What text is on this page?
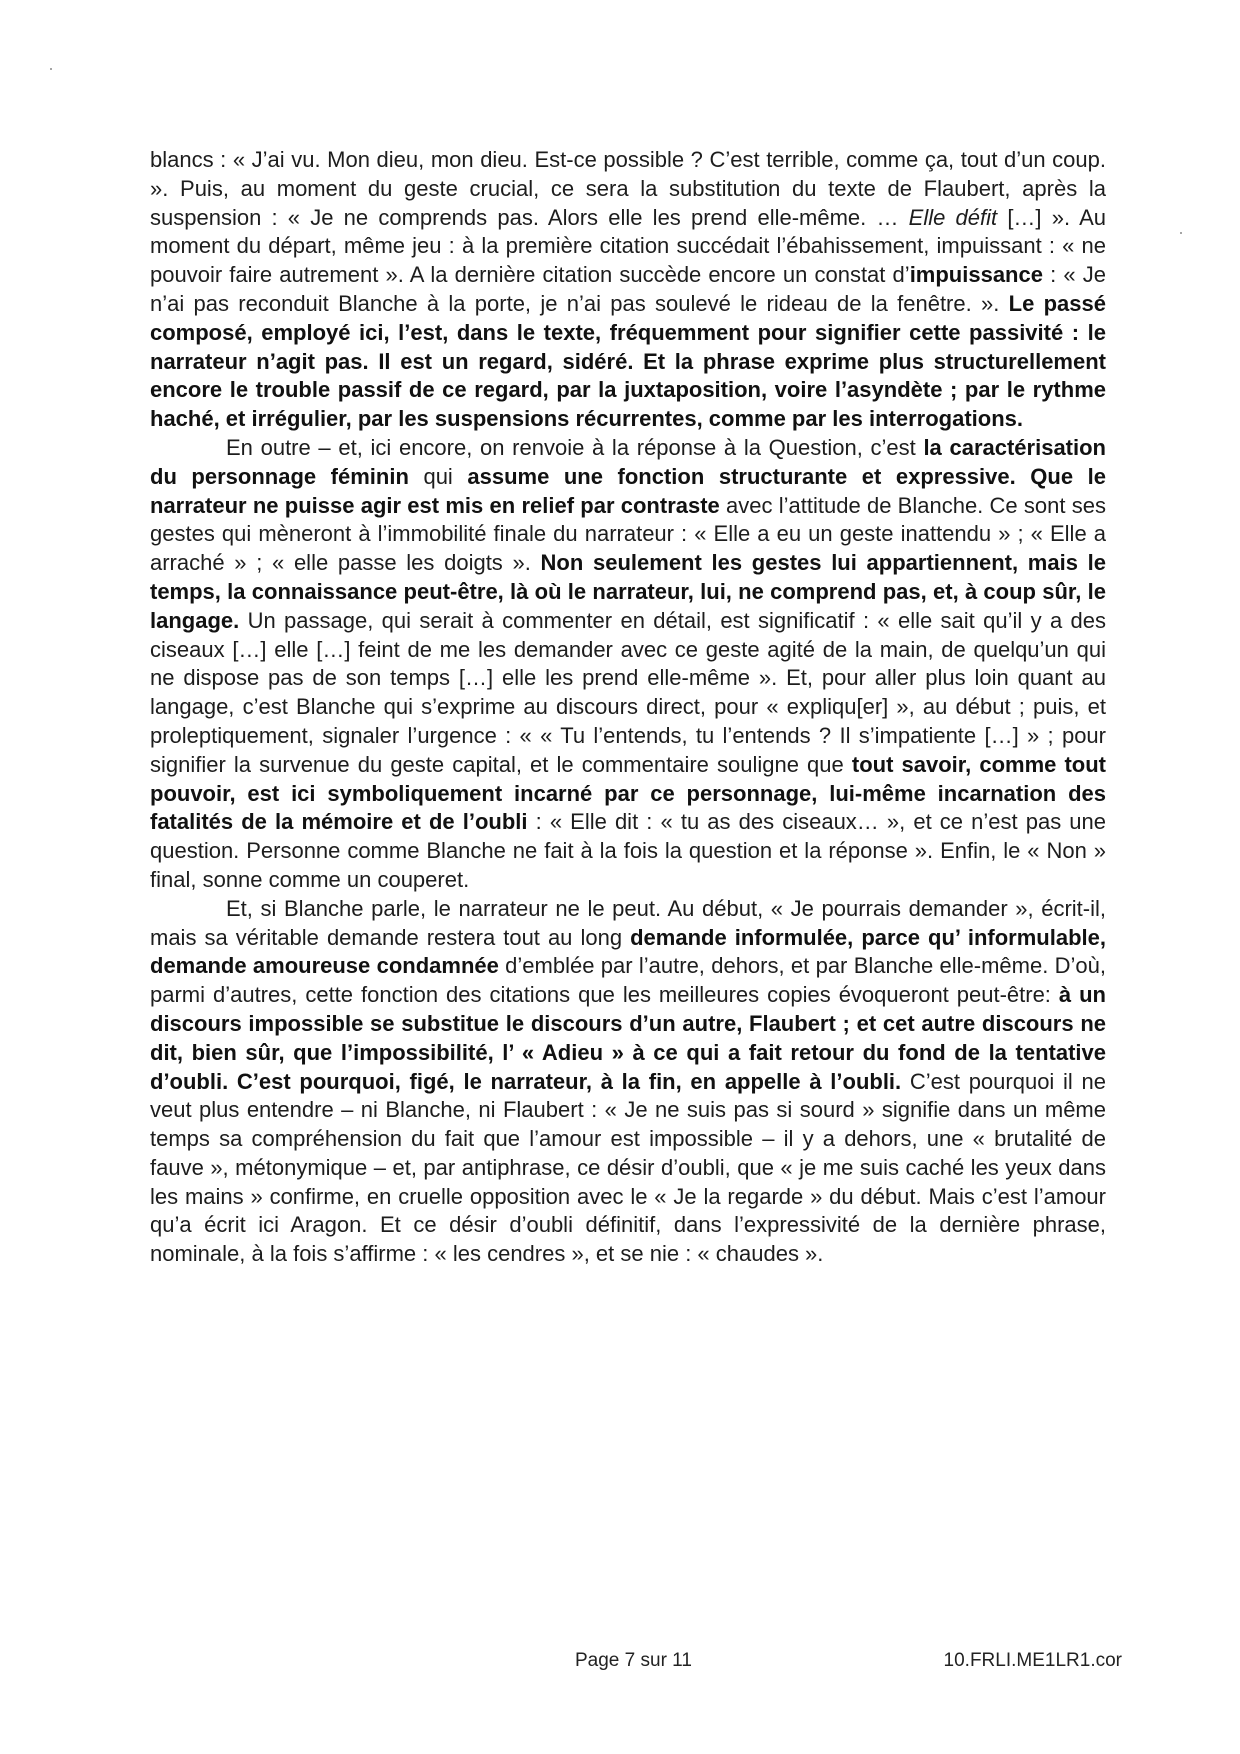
blancs : « J’ai vu. Mon dieu, mon dieu. Est-ce possible ? C’est terrible, comme ça, tout d’un coup. ». Puis, au moment du geste crucial, ce sera la substitution du texte de Flaubert, après la suspension : « Je ne comprends pas. Alors elle les prend elle-même. … Elle défit […] ». Au moment du départ, même jeu : à la première citation succédait l’ébahissement, impuissant : « ne pouvoir faire autrement ». A la dernière citation succède encore un constat d’impuissance : « Je n’ai pas reconduit Blanche à la porte, je n’ai pas soulevé le rideau de la fenêtre. ». Le passé composé, employé ici, l’est, dans le texte, fréquemment pour signifier cette passivité : le narrateur n’agit pas. Il est un regard, sidéré. Et la phrase exprime plus structurellement encore le trouble passif de ce regard, par la juxtaposition, voire l’asyndète ; par le rythme haché, et irrégulier, par les suspensions récurrentes, comme par les interrogations.

En outre – et, ici encore, on renvoie à la réponse à la Question, c’est la caractérisation du personnage féminin qui assume une fonction structurante et expressive. Que le narrateur ne puisse agir est mis en relief par contraste avec l’attitude de Blanche. Ce sont ses gestes qui mèneront à l’immobilité finale du narrateur : « Elle a eu un geste inattendu » ; « Elle a arraché » ; « elle passe les doigts ». Non seulement les gestes lui appartiennent, mais le temps, la connaissance peut-être, là où le narrateur, lui, ne comprend pas, et, à coup sûr, le langage. Un passage, qui serait à commenter en détail, est significatif : « elle sait qu’il y a des ciseaux […] elle […] feint de me les demander avec ce geste agité de la main, de quelqu’un qui ne dispose pas de son temps […] elle les prend elle-même ». Et, pour aller plus loin quant au langage, c’est Blanche qui s’exprime au discours direct, pour « expliqu[er] », au début ; puis, et proleptiquement, signaler l’urgence : « « Tu l’entends, tu l’entends ? Il s’impatiente […] » ; pour signifier la survenue du geste capital, et le commentaire souligne que tout savoir, comme tout pouvoir, est ici symboliquement incarné par ce personnage, lui-même incarnation des fatalités de la mémoire et de l’oubli : « Elle dit : « tu as des ciseaux… », et ce n’est pas une question. Personne comme Blanche ne fait à la fois la question et la réponse ». Enfin, le « Non » final, sonne comme un couperet.

Et, si Blanche parle, le narrateur ne le peut. Au début, « Je pourrais demander », écrit-il, mais sa véritable demande restera tout au long demande informulée, parce qu’ informulable, demande amoureuse condamnée d’emblée par l’autre, dehors, et par Blanche elle-même. D’où, parmi d’autres, cette fonction des citations que les meilleures copies évoqueront peut-être: à un discours impossible se substitue le discours d’un autre, Flaubert ; et cet autre discours ne dit, bien sûr, que l’impossibilité, l’ « Adieu » à ce qui a fait retour du fond de la tentative d’oubli. C’est pourquoi, figé, le narrateur, à la fin, en appelle à l’oubli. C’est pourquoi il ne veut plus entendre – ni Blanche, ni Flaubert : « Je ne suis pas si sourd » signifie dans un même temps sa compréhension du fait que l’amour est impossible – il y a dehors, une « brutalité de fauve », métonymique – et, par antiphrase, ce désir d’oubli, que « je me suis caché les yeux dans les mains » confirme, en cruelle opposition avec le « Je la regarde » du début. Mais c’est l’amour qu’a écrit ici Aragon. Et ce désir d’oubli définitif, dans l’expressivité de la dernière phrase, nominale, à la fois s’affirme : « les cendres », et se nie : « chaudes ».

Page 7 sur 11	10.FRLI.ME1LR1.cor
